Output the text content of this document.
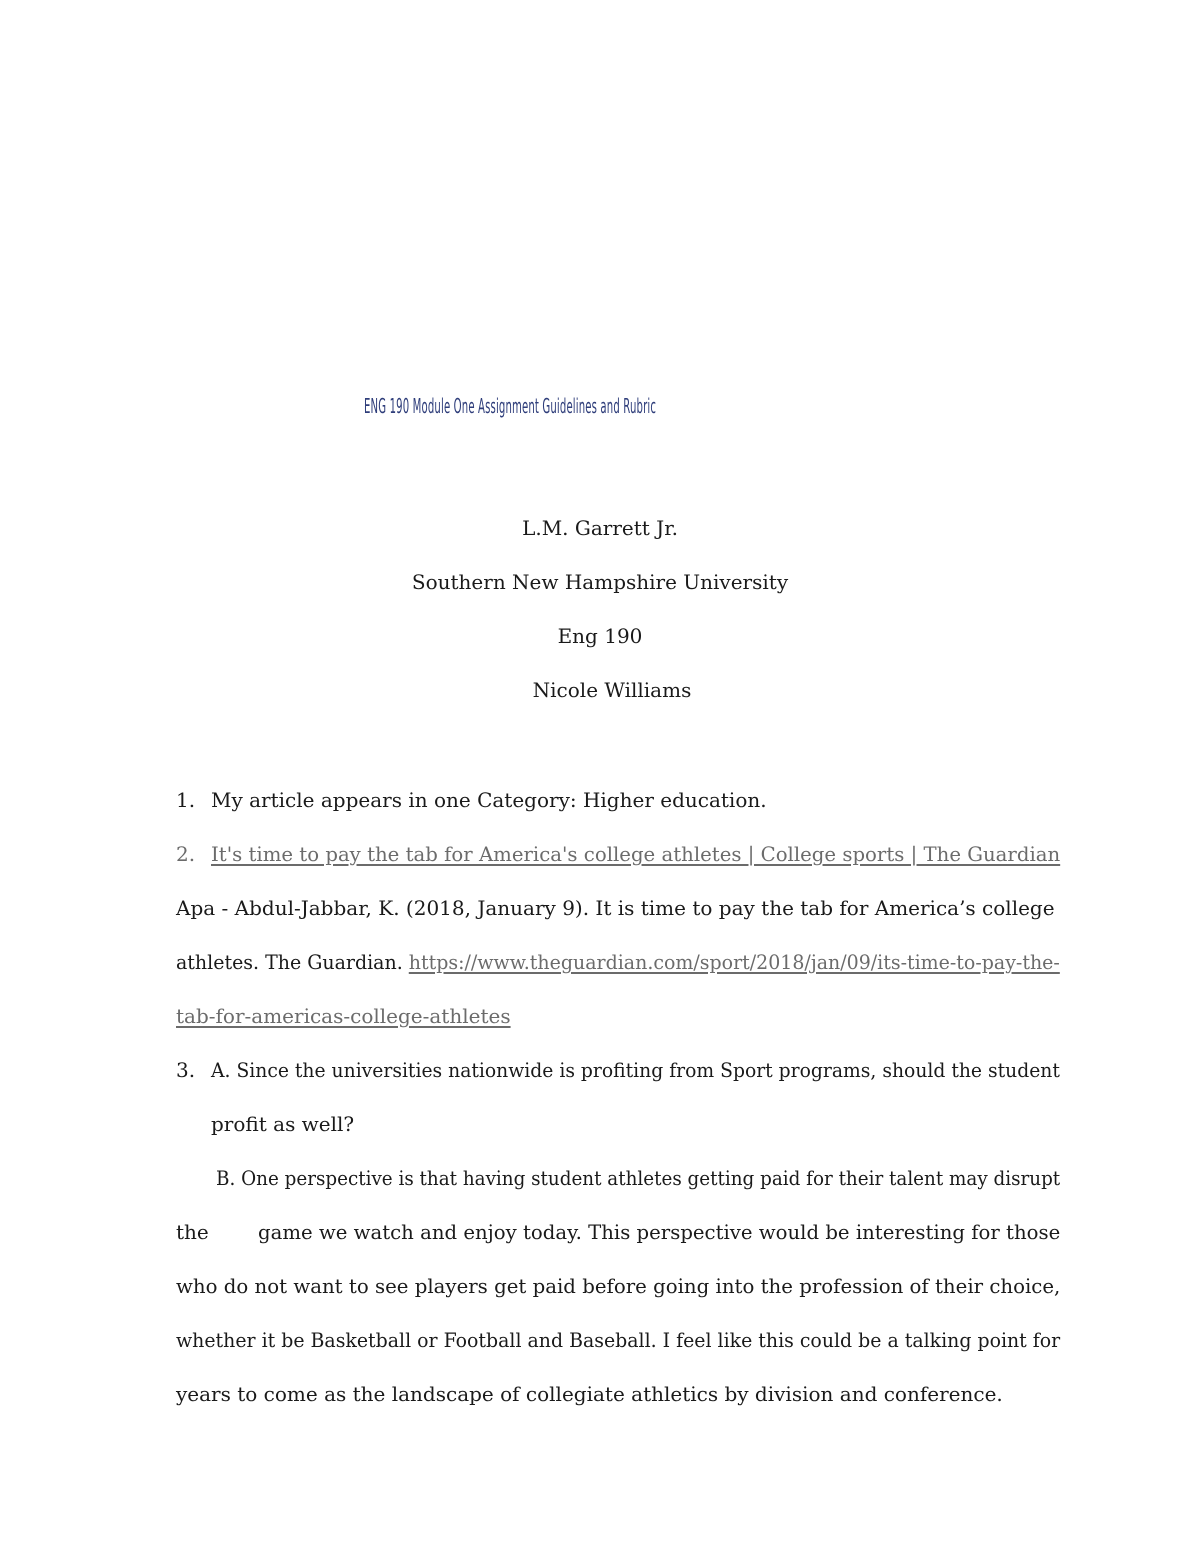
ENG 190 Module One Assignment Guidelines and Rubric
L.M. Garrett Jr.
Southern New Hampshire University
Eng 190
Nicole Williams
1. My article appears in one Category: Higher education.
2. It's time to pay the tab for America's college athletes | College sports | The Guardian
Apa - Abdul-Jabbar, K. (2018, January 9). It is time to pay the tab for America’s college
athletes. The Guardian. https://www.theguardian.com/sport/2018/jan/09/its-time-to-pay-the-
tab-for-americas-college-athletes
3. A. Since the universities nationwide is profiting from Sport programs, should the student
profit as well?
B. One perspective is that having student athletes getting paid for their talent may disrupt
the game we watch and enjoy today. This perspective would be interesting for those
who do not want to see players get paid before going into the profession of their choice,
whether it be Basketball or Football and Baseball. I feel like this could be a talking point for
years to come as the landscape of collegiate athletics by division and conference.
